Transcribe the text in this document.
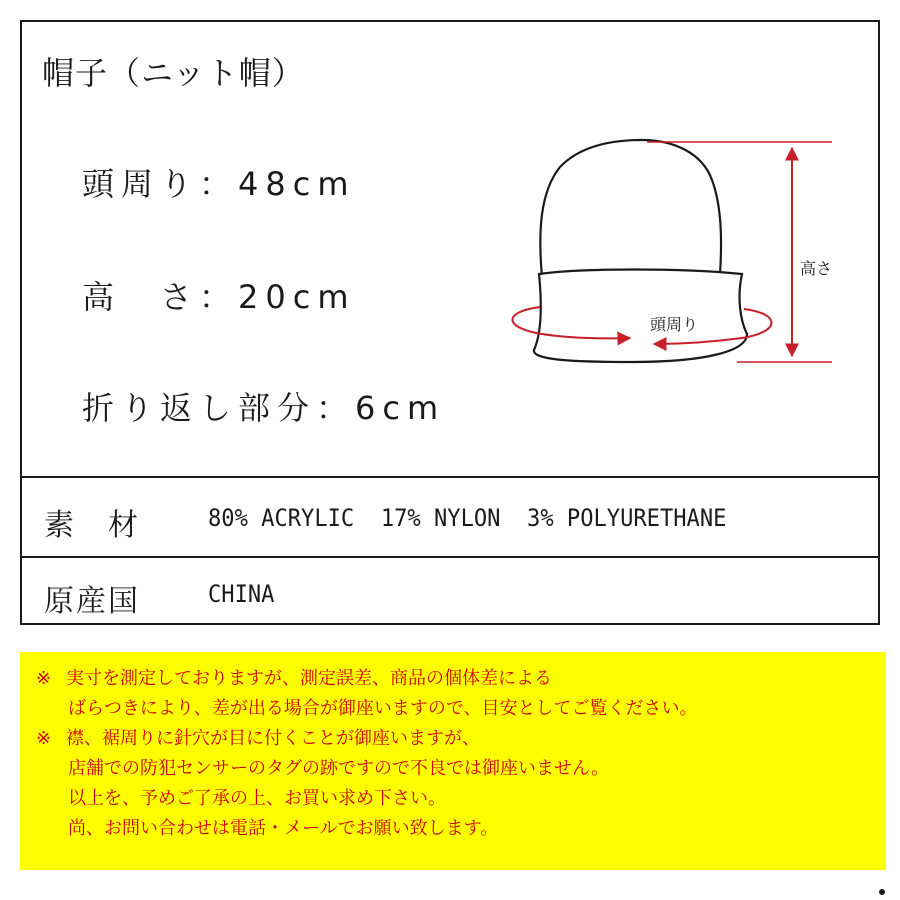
帽子（ニット帽）
頭周り：48cm
高　さ：20cm
折り返し部分：6cm
高さ
頭周り
素　材	80% ACRYLIC  17% NYLON  3% POLYURETHANE
原産国	CHINA
※ 実寸を測定しておりますが、測定誤差、商品の個体差による
ばらつきにより、差が出る場合が御座いますので、目安としてご覧ください。
※ 襟、裾周りに針穴が目に付くことが御座いますが、
店舗での防犯センサーのタグの跡ですので不良では御座いません。
以上を、予めご了承の上、お買い求め下さい。
尚、お問い合わせは電話・メールでお願い致します。
